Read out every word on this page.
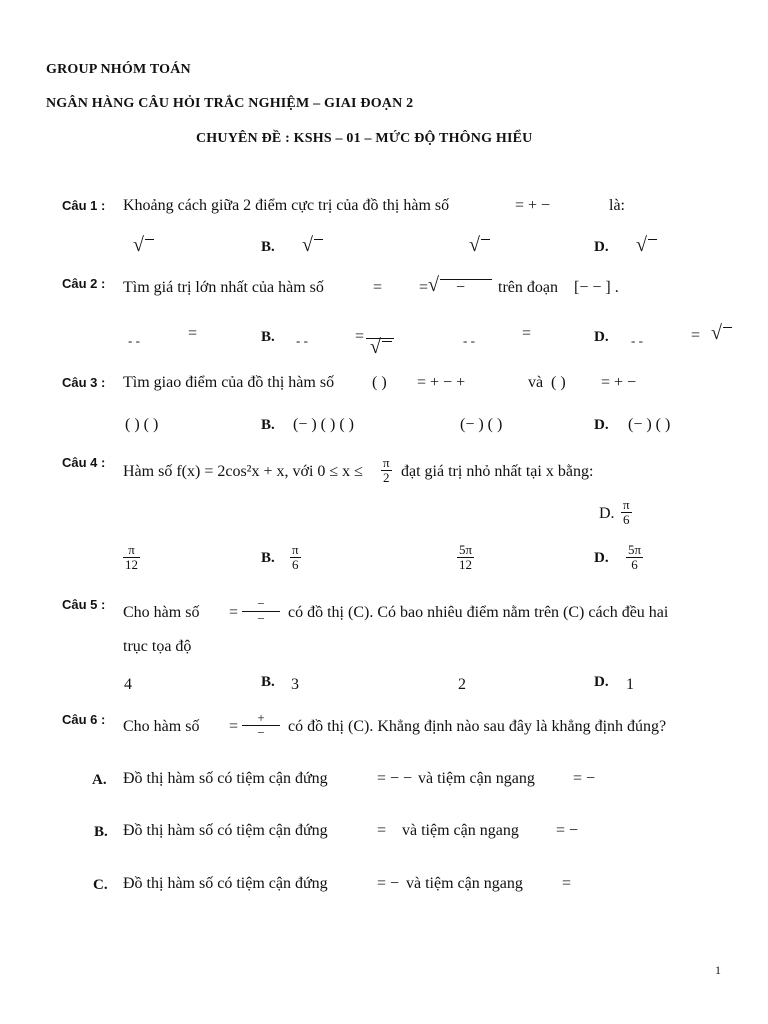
GROUP NHÓM TOÁN
NGÂN HÀNG CÂU HỎI TRẮC NGHIỆM – GIAI ĐOẠN 2
CHUYÊN ĐỀ : KSHS – 01 – MỨC ĐỘ THÔNG HIỂU
Câu 1 : Khoảng cách giữa 2 điểm cực trị của đồ thị hàm số	= + −	là:
√	B. √	√	D. √
Câu 2 : Tìm giá trị lớn nhất của hàm số	= = √ − trên đoạn [− − ] .
‐ ‐	=	B. ‐ ‐	= √	‐ ‐	=	D. ‐ ‐	= √
Câu 3 : Tìm giao điểm của đồ thị hàm số ( ) = + − +	và ( ) = + −
( ) ( )	B. (− ) ( ) ( )	(− ) ( )	D. (− ) ( )
Câu 4 :
Hàm số f(x) = 2cos²x + x, với $0 \le x \le \frac{\pi}{2}$ đạt giá trị nhỏ nhất tại x bằng:
D. $\frac{\pi}{6}$
$\frac{\pi}{12}$	B. $\frac{\pi}{6}$	$\frac{5\pi}{12}$	D. $\frac{5\pi}{6}$
Câu 5 : Cho hàm số =
−
−	có đồ thị (C). Có bao nhiêu điểm nằm trên (C) cách đều hai
trục tọa độ
4	B. 3	2	D. 1
Câu 6 : Cho hàm số =
+
−	có đồ thị (C). Khẳng định nào sau đây là khẳng định đúng?
A. Đồ thị hàm số có tiệm cận đứng	= − − và tiệm cận ngang = −
B. Đồ thị hàm số có tiệm cận đứng	= và tiệm cận ngang = −
C. Đồ thị hàm số có tiệm cận đứng	= − và tiệm cận ngang =
1
